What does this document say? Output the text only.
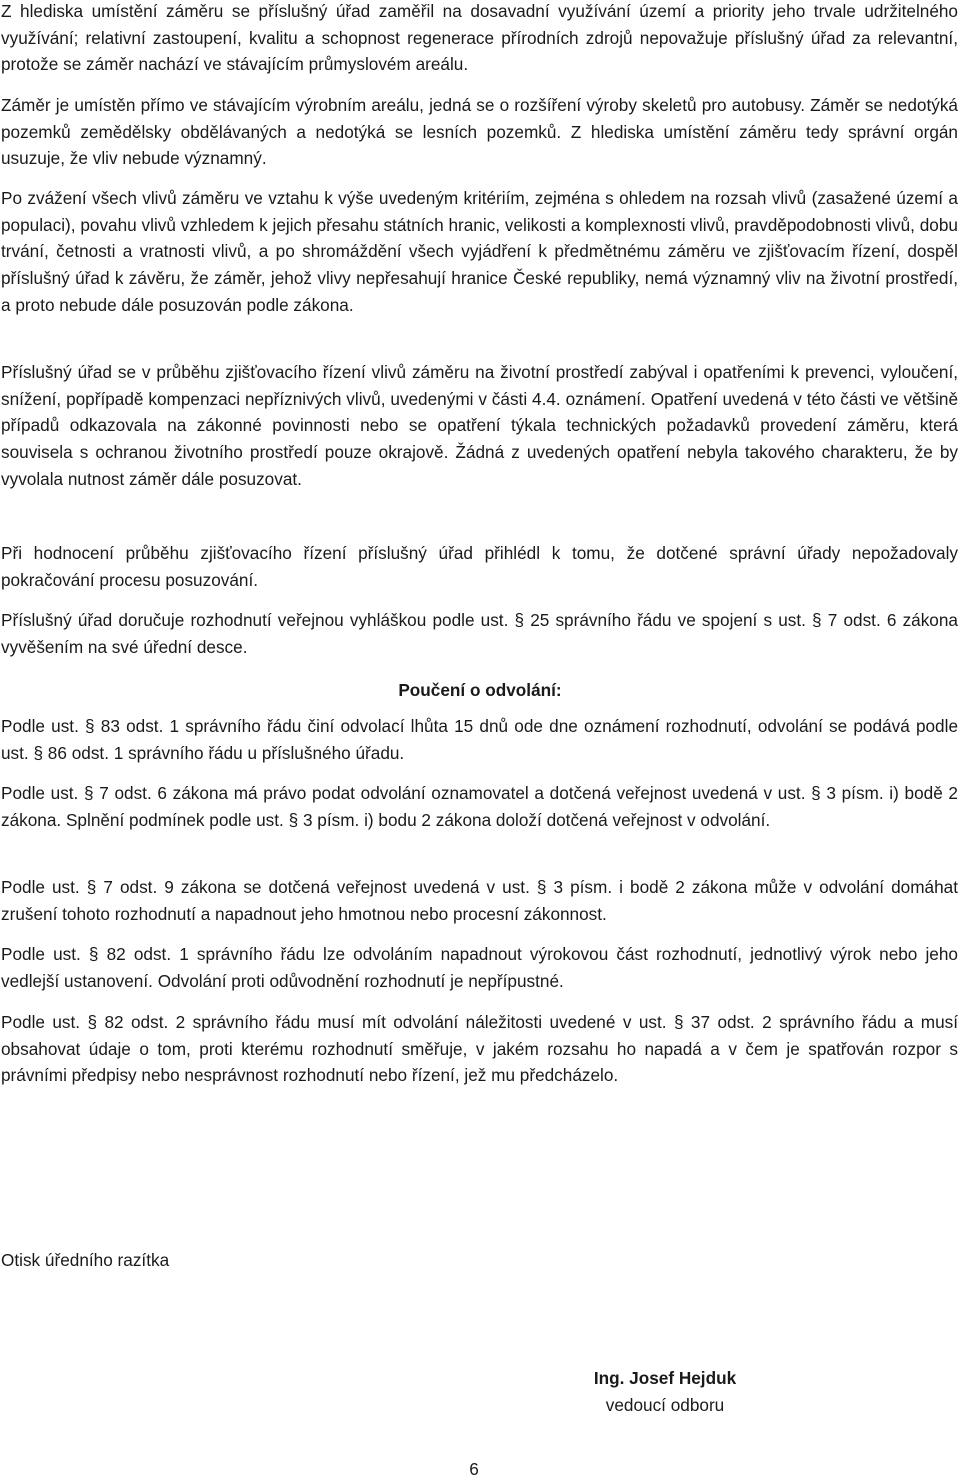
Z hlediska umístění záměru se příslušný úřad zaměřil na dosavadní využívání území a priority jeho trvale udržitelného využívání; relativní zastoupení, kvalitu a schopnost regenerace přírodních zdrojů nepovažuje příslušný úřad za relevantní, protože se záměr nachází ve stávajícím průmyslovém areálu.

Záměr je umístěn přímo ve stávajícím výrobním areálu, jedná se o rozšíření výroby skeletů pro autobusy. Záměr se nedotýká pozemků zemědělsky obdělávaných a nedotýká se lesních pozemků. Z hlediska umístění záměru tedy správní orgán usuzuje, že vliv nebude významný.

Po zvážení všech vlivů záměru ve vztahu k výše uvedeným kritériím, zejména s ohledem na rozsah vlivů (zasažené území a populaci), povahu vlivů vzhledem k jejich přesahu státních hranic, velikosti a komplexnosti vlivů, pravděpodobnosti vlivů, dobu trvání, četnosti a vratnosti vlivů, a po shromáždění všech vyjádření k předmětnému záměru ve zjišťovacím řízení, dospěl příslušný úřad k závěru, že záměr, jehož vlivy nepřesahují hranice České republiky, nemá významný vliv na životní prostředí, a proto nebude dále posuzován podle zákona.

Příslušný úřad se v průběhu zjišťovacího řízení vlivů záměru na životní prostředí zabýval i opatřeními k prevenci, vyloučení, snížení, popřípadě kompenzaci nepříznivých vlivů, uvedenými v části 4.4. oznámení. Opatření uvedená v této části ve většině případů odkazovala na zákonné povinnosti nebo se opatření týkala technických požadavků provedení záměru, která souvisela s ochranou životního prostředí pouze okrajově. Žádná z uvedených opatření nebyla takového charakteru, že by vyvolala nutnost záměr dále posuzovat.

Při hodnocení průběhu zjišťovacího řízení příslušný úřad přihlédl k tomu, že dotčené správní úřady nepožadovaly pokračování procesu posuzování.

Příslušný úřad doručuje rozhodnutí veřejnou vyhláškou podle ust. § 25 správního řádu ve spojení s ust. § 7 odst. 6 zákona vyvěšením na své úřední desce.

Poučení o odvolání:

Podle ust. § 83 odst. 1 správního řádu činí odvolací lhůta 15 dnů ode dne oznámení rozhodnutí, odvolání se podává podle ust. § 86 odst. 1 správního řádu u příslušného úřadu.

Podle ust. § 7 odst. 6 zákona má právo podat odvolání oznamovatel a dotčená veřejnost uvedená v ust. § 3 písm. i) bodě 2 zákona. Splnění podmínek podle ust. § 3 písm. i) bodu 2 zákona doloží dotčená veřejnost v odvolání.

Podle ust. § 7 odst. 9 zákona se dotčená veřejnost uvedená v ust. § 3 písm. i bodě 2 zákona může v odvolání domáhat zrušení tohoto rozhodnutí a napadnout jeho hmotnou nebo procesní zákonnost.

Podle ust. § 82 odst. 1 správního řádu lze odvoláním napadnout výrokovou část rozhodnutí, jednotlivý výrok nebo jeho vedlejší ustanovení. Odvolání proti odůvodnění rozhodnutí je nepřípustné.

Podle ust. § 82 odst. 2 správního řádu musí mít odvolání náležitosti uvedené v ust. § 37 odst. 2 správního řádu a musí obsahovat údaje o tom, proti kterému rozhodnutí směřuje, v jakém rozsahu ho napadá a v čem je spatřován rozpor s právními předpisy nebo nesprávnost rozhodnutí nebo řízení, jež mu předcházelo.

Otisk úředního razítka
Ing. Josef Hejduk
vedoucí odboru
6
